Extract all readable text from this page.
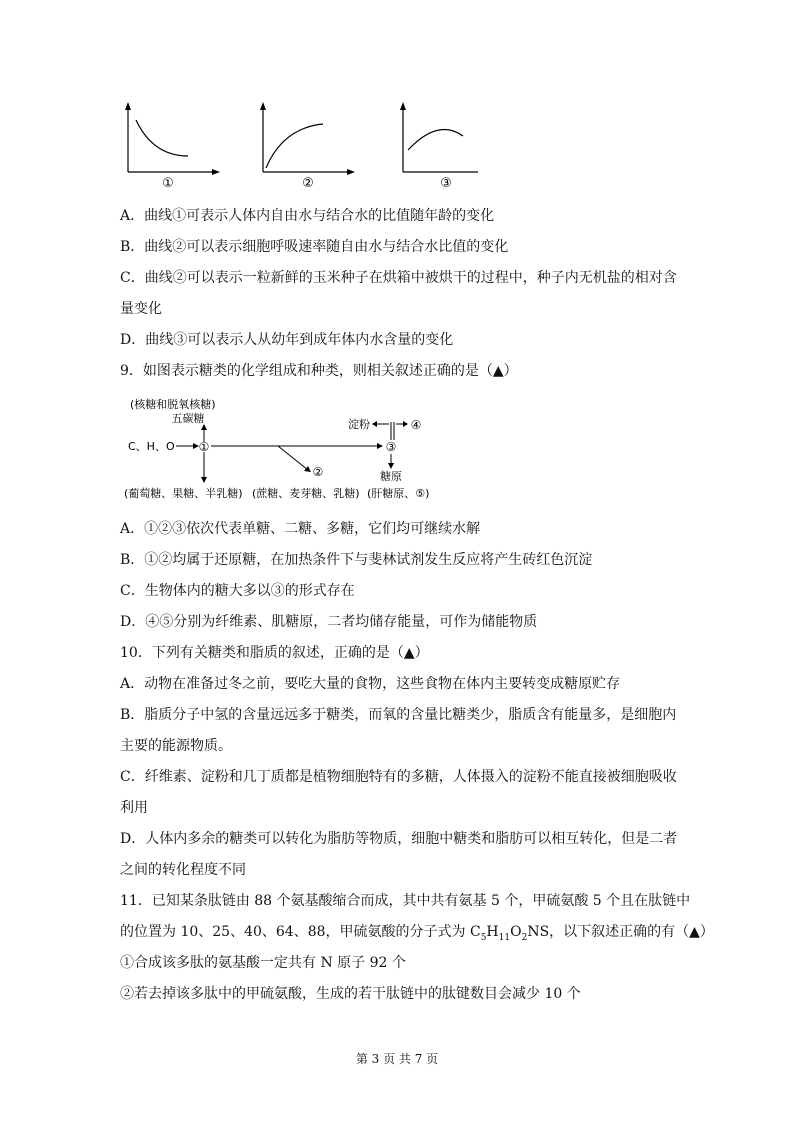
①	②	③
A．曲线①可表示人体内自由水与结合水的比值随年龄的变化
B．曲线②可以表示细胞呼吸速率随自由水与结合水比值的变化
C．曲线②可以表示一粒新鲜的玉米种子在烘箱中被烘干的过程中，种子内无机盐的相对含
量变化
D．曲线③可以表示人从幼年到成年体内水含量的变化
9．如图表示糖类的化学组成和种类，则相关叙述正确的是（▲）
(核糖和脱氧核糖)
五碳糖
C、H、O ①
②
③
淀粉	④
糖原
(葡萄糖、果糖、半乳糖) (蔗糖、麦芽糖、乳糖) (肝糖原、⑤)
A．①②③依次代表单糖、二糖、多糖，它们均可继续水解
B．①②均属于还原糖，在加热条件下与斐林试剂发生反应将产生砖红色沉淀
C．生物体内的糖大多以③的形式存在
D．④⑤分别为纤维素、肌糖原，二者均储存能量，可作为储能物质
10．下列有关糖类和脂质的叙述，正确的是（▲）
A．动物在准备过冬之前，要吃大量的食物，这些食物在体内主要转变成糖原贮存
B．脂质分子中氢的含量远远多于糖类，而氧的含量比糖类少，脂质含有能量多，是细胞内
主要的能源物质。
C．纤维素、淀粉和几丁质都是植物细胞特有的多糖，人体摄入的淀粉不能直接被细胞吸收
利用
D．人体内多余的糖类可以转化为脂肪等物质，细胞中糖类和脂肪可以相互转化，但是二者
之间的转化程度不同
11．已知某条肽链由 88 个氨基酸缩合而成，其中共有氨基 5 个，甲硫氨酸 5 个且在肽链中
的位置为 10、25、40、64、88，甲硫氨酸的分子式为 $C_5H_{11}O_2NS$，以下叙述正确的有（▲）
①合成该多肽的氨基酸一定共有 N 原子 92 个
②若去掉该多肽中的甲硫氨酸，生成的若干肽链中的肽键数目会减少 10 个
第 3 页 共 7 页
